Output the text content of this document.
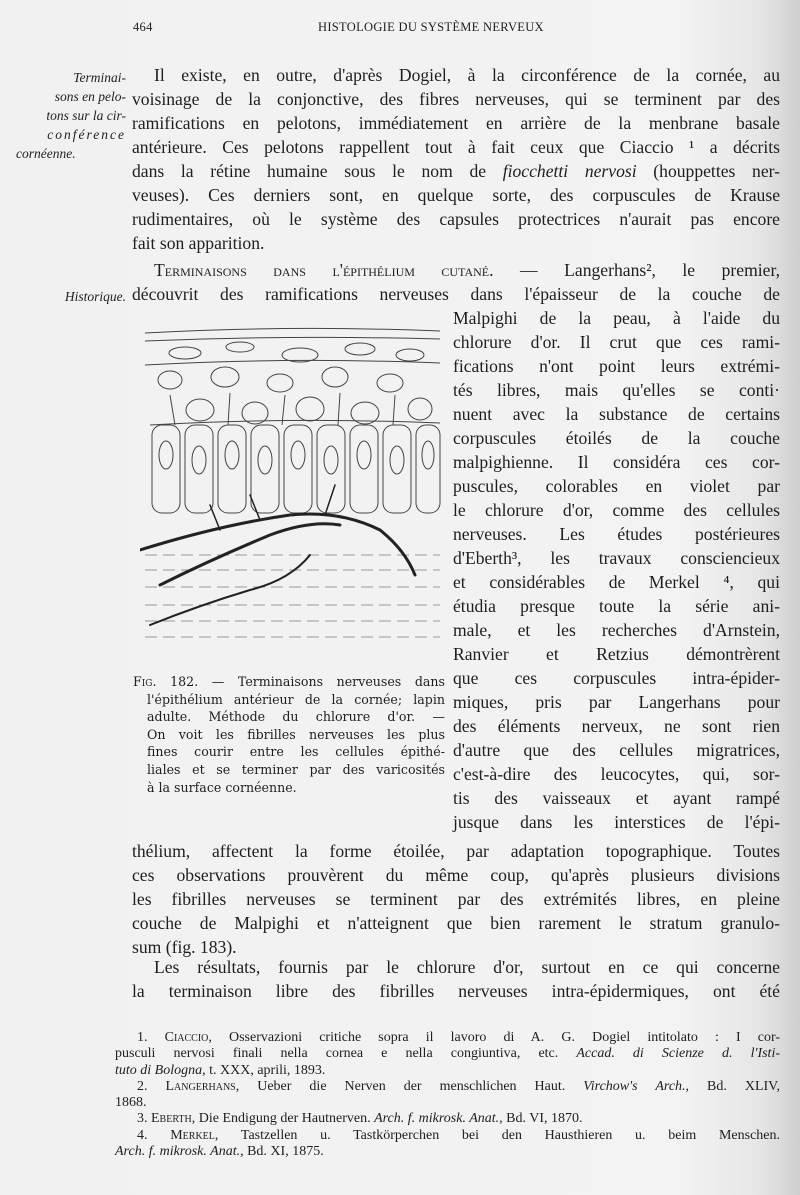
464	HISTOLOGIE DU SYSTÈME NERVEUX
Terminai-
sons en pelo-
tons sur la cir-
conférence
cornéenne.
Historique.
Il existe, en outre, d'après Dogiel, à la circonférence de la cornée, au
voisinage de la conjonctive, des fibres nerveuses, qui se terminent par des
ramifications en pelotons, immédiatement en arrière de la menbrane basale
antérieure. Ces pelotons rappellent tout à fait ceux que Ciaccio ¹ a décrits
dans la rétine humaine sous le nom de fiocchetti nervosi (houppettes ner-
veuses). Ces derniers sont, en quelque sorte, des corpuscules de Krause
rudimentaires, où le système des capsules protectrices n'aurait pas encore
fait son apparition.
Terminaisons dans l'épithélium cutané. — Langerhans², le premier,
découvrit des ramifications nerveuses dans l'épaisseur de la couche de
Malpighi de la peau, à l'aide du
chlorure d'or. Il crut que ces rami-
fications n'ont point leurs extrémi-
tés libres, mais qu'elles se conti·
nuent avec la substance de certains
corpuscules étoilés de la couche
malpighienne. Il considéra ces cor-
puscules, colorables en violet par
le chlorure d'or, comme des cellules
nerveuses. Les études postérieures
d'Eberth³, les travaux consciencieux
et considérables de Merkel ⁴, qui
étudia presque toute la série ani-
male, et les recherches d'Arnstein,
Ranvier et Retzius démontrèrent
que ces corpuscules intra-épider-
miques, pris par Langerhans pour
des éléments nerveux, ne sont rien
d'autre que des cellules migratrices,
c'est-à-dire des leucocytes, qui, sor-
tis des vaisseaux et ayant rampé
jusque dans les interstices de l'épi-
thélium, affectent la forme étoilée, par adaptation topographique. Toutes
ces observations prouvèrent du même coup, qu'après plusieurs divisions
les fibrilles nerveuses se terminent par des extrémités libres, en pleine
couche de Malpighi et n'atteignent que bien rarement le stratum granulo-
sum (fig. 183).
Les résultats, fournis par le chlorure d'or, surtout en ce qui concerne
la terminaison libre des fibrilles nerveuses intra-épidermiques, ont été
Fig. 182. — Terminaisons nerveuses dans
l'épithélium antérieur de la cornée; lapin
adulte. Méthode du chlorure d'or. —
On voit les fibrilles nerveuses les plus
fines courir entre les cellules épithé-
liales et se terminer par des varicosités
à la surface cornéenne.
1. Ciaccio, Osservazioni critiche sopra il lavoro di A. G. Dogiel intitolato : I cor-
pusculi nervosi finali nella cornea e nella congiuntiva, etc. Accad. di Scienze d. l'Isti-
tuto di Bologna, t. XXX, aprili, 1893.
2. Langerhans, Ueber die Nerven der menschlichen Haut. Virchow's Arch., Bd. XLIV,
1868.
3. Eberth, Die Endigung der Hautnerven. Arch. f. mikrosk. Anat., Bd. VI, 1870.
4. Merkel, Tastzellen u. Tastkörperchen bei den Hausthieren u. beim Menschen.
Arch. f. mikrosk. Anat., Bd. XI, 1875.
